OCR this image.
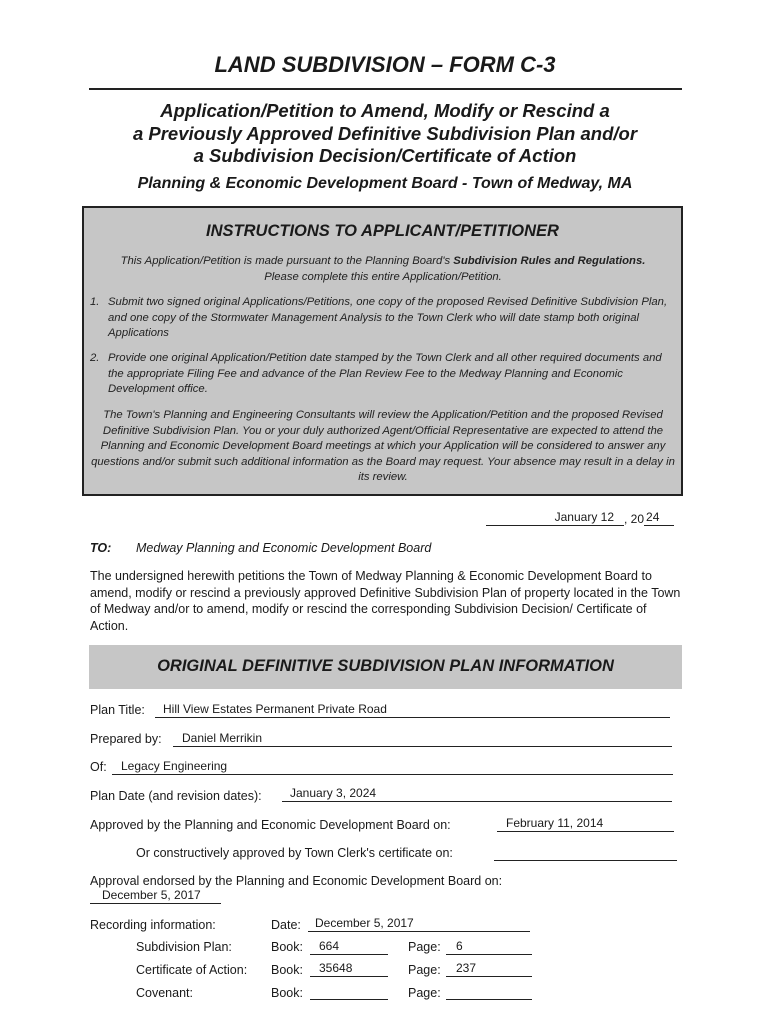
LAND SUBDIVISION – FORM C-3
Application/Petition to Amend, Modify or Rescind a
a Previously Approved Definitive Subdivision Plan and/or
a Subdivision Decision/Certificate of Action
Planning & Economic Development Board - Town of Medway, MA
INSTRUCTIONS TO APPLICANT/PETITIONER
This Application/Petition is made pursuant to the Planning Board's Subdivision Rules and Regulations.
Please complete this entire Application/Petition.
1. Submit two signed original Applications/Petitions, one copy of the proposed Revised Definitive Subdivision Plan, and one copy of the Stormwater Management Analysis to the Town Clerk who will date stamp both original Applications
2. Provide one original Application/Petition date stamped by the Town Clerk and all other required documents and the appropriate Filing Fee and advance of the Plan Review Fee to the Medway Planning and Economic Development office.
The Town's Planning and Engineering Consultants will review the Application/Petition and the proposed Revised Definitive Subdivision Plan. You or your duly authorized Agent/Official Representative are expected to attend the Planning and Economic Development Board meetings at which your Application will be considered to answer any questions and/or submit such additional information as the Board may request. Your absence may result in a delay in its review.
January 12 , 20 24
TO: Medway Planning and Economic Development Board
The undersigned herewith petitions the Town of Medway Planning & Economic Development Board to amend, modify or rescind a previously approved Definitive Subdivision Plan of property located in the Town of Medway and/or to amend, modify or rescind the corresponding Subdivision Decision/ Certificate of Action.
ORIGINAL DEFINITIVE SUBDIVISION PLAN INFORMATION
Plan Title: Hill View Estates Permanent Private Road
Prepared by: Daniel Merrikin
Of: Legacy Engineering
Plan Date (and revision dates): January 3, 2024
Approved by the Planning and Economic Development Board on:	February 11, 2014
Or constructively approved by Town Clerk's certificate on:
Approval endorsed by the Planning and Economic Development Board on:
December 5, 2017
Recording information:	Date: December 5, 2017
Subdivision Plan:	Book: 664	Page: 6
Certificate of Action: Book: 35648	Page: 237
Covenant:	Book:	Page:
